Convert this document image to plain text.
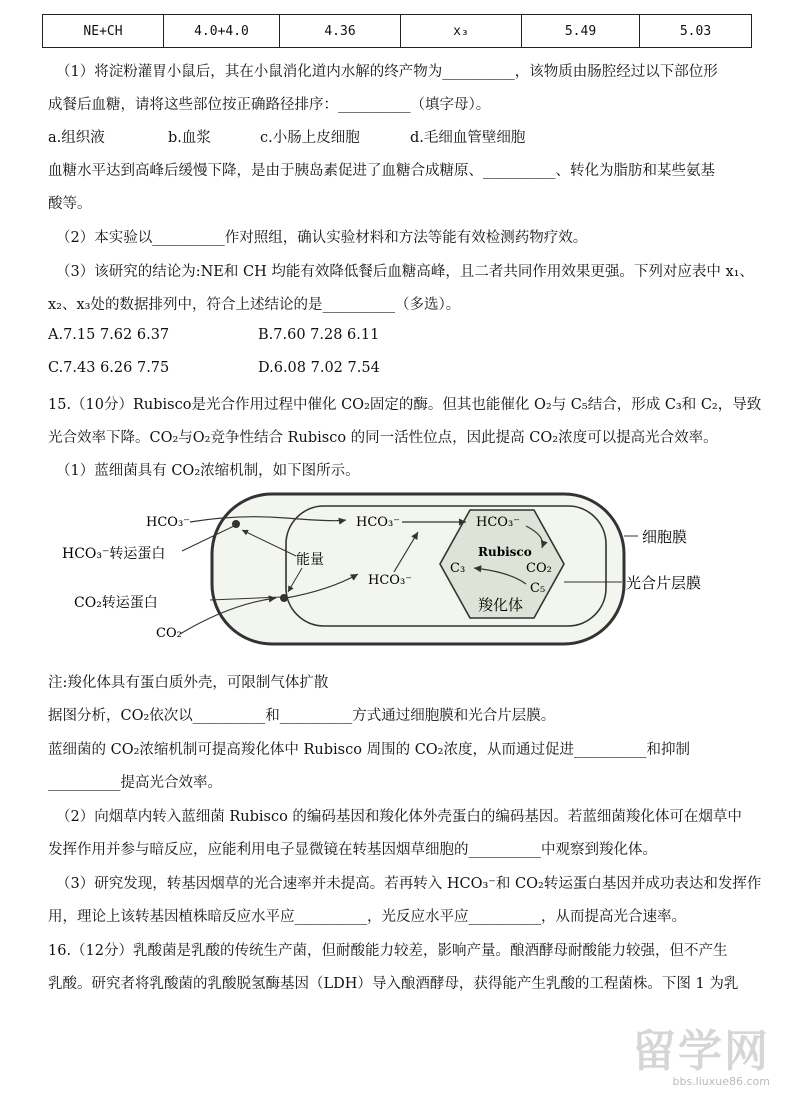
NE+CH	4.0+4.0	4.36	x₃	5.49	5.03
（1）将淀粉灌胃小鼠后，其在小鼠消化道内水解的终产物为__________，该物质由肠腔经过以下部位形
成餐后血糖，请将这些部位按正确路径排序：__________（填字母）。
a.组织液	b.血浆	c.小肠上皮细胞	d.毛细血管壁细胞
血糖水平达到高峰后缓慢下降，是由于胰岛素促进了血糖合成糖原、__________、转化为脂肪和某些氨基
酸等。
（2）本实验以__________作对照组，确认实验材料和方法等能有效检测药物疗效。
（3）该研究的结论为:NE和 CH 均能有效降低餐后血糖高峰，且二者共同作用效果更强。下列对应表中 x₁、
x₂、x₃处的数据排列中，符合上述结论的是__________（多选）。
A.7.15 7.62 6.37	B.7.60 7.28 6.11
C.7.43 6.26 7.75	D.6.08 7.02 7.54
15.（10分）Rubisco是光合作用过程中催化 CO₂固定的酶。但其也能催化 O₂与 C₅结合，形成 C₃和 C₂，导致
光合效率下降。CO₂与O₂竞争性结合 Rubisco 的同一活性位点，因此提高 CO₂浓度可以提高光合效率。
（1）蓝细菌具有 CO₂浓缩机制，如下图所示。
HCO₃⁻
HCO₃⁻转运蛋白
CO₂转运蛋白
CO₂
细胞膜
光合片层膜
能量
HCO₃⁻
HCO₃⁻
HCO₃⁻
Rubisco
C₃	CO₂
C₅
羧化体
注:羧化体具有蛋白质外壳，可限制气体扩散
据图分析，CO₂依次以__________和__________方式通过细胞膜和光合片层膜。
蓝细菌的 CO₂浓缩机制可提高羧化体中 Rubisco 周围的 CO₂浓度，从而通过促进__________和抑制
__________提高光合效率。
（2）向烟草内转入蓝细菌 Rubisco 的编码基因和羧化体外壳蛋白的编码基因。若蓝细菌羧化体可在烟草中
发挥作用并参与暗反应，应能利用电子显微镜在转基因烟草细胞的__________中观察到羧化体。
（3）研究发现，转基因烟草的光合速率并未提高。若再转入 HCO₃⁻和 CO₂转运蛋白基因并成功表达和发挥作
用，理论上该转基因植株暗反应水平应__________，光反应水平应__________，从而提高光合速率。
16.（12分）乳酸菌是乳酸的传统生产菌，但耐酸能力较差，影响产量。酿酒酵母耐酸能力较强，但不产生
乳酸。研究者将乳酸菌的乳酸脱氢酶基因（LDH）导入酿酒酵母，获得能产生乳酸的工程菌株。下图 1 为乳
留学网
bbs.liuxue86.com
